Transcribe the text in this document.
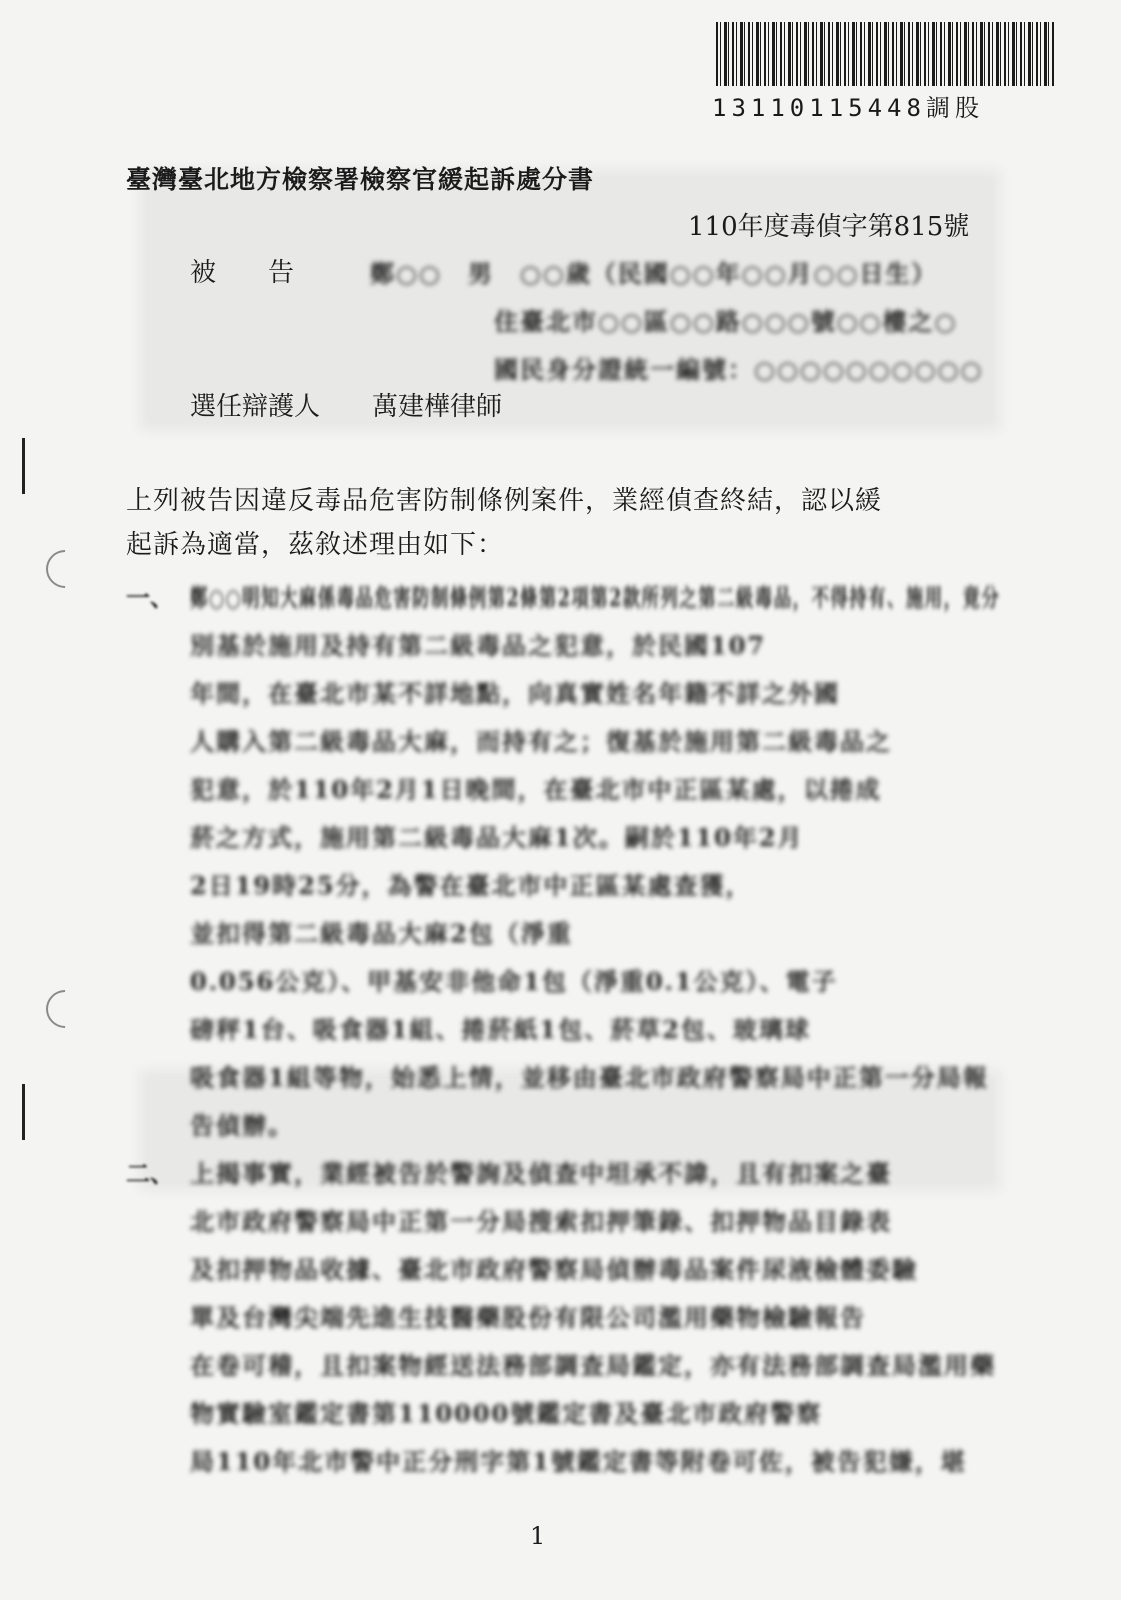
13110115448調股
臺灣臺北地方檢察署檢察官緩起訴處分書
110年度毒偵字第815號
被　　告	鄭○○　男　○○歲（民國○○年○○月○○日生）
住臺北市○○區○○路○○○號○○樓之○
國民身分證統一編號：○○○○○○○○○○
選任辯護人 萬建樺律師
上列被告因違反毒品危害防制條例案件，業經偵查終結，認以緩
起訴為適當，茲敘述理由如下：
一、 鄭○○明知大麻係毒品危害防制條例第2條第2項第2款所列之第二級毒品，不得持有、施用，竟分
別基於施用及持有第二級毒品之犯意，於民國107
年間，在臺北市某不詳地點，向真實姓名年籍不詳之外國
人購入第二級毒品大麻，而持有之；復基於施用第二級毒品之
犯意，於110年2月1日晚間，在臺北市中正區某處，以捲成
菸之方式，施用第二級毒品大麻1次。嗣於110年2月
2日19時25分，為警在臺北市中正區某處查獲，
並扣得第二級毒品大麻2包（淨重
0.056公克）、甲基安非他命1包（淨重0.1公克）、電子
磅秤1台、吸食器1組、捲菸紙1包、菸草2包、玻璃球
吸食器1組等物，始悉上情，並移由臺北市政府警察局中正第一分局報
告偵辦。
二、 上揭事實，業經被告於警詢及偵查中坦承不諱，且有扣案之臺
北市政府警察局中正第一分局搜索扣押筆錄、扣押物品目錄表
及扣押物品收據、臺北市政府警察局偵辦毒品案件尿液檢體委驗
單及台灣尖端先進生技醫藥股份有限公司濫用藥物檢驗報告
在卷可稽，且扣案物經送法務部調查局鑑定，亦有法務部調查局濫用藥
物實驗室鑑定書第110000號鑑定書及臺北市政府警察
局110年北市警中正分刑字第1號鑑定書等附卷可佐，被告犯嫌，堪
1
